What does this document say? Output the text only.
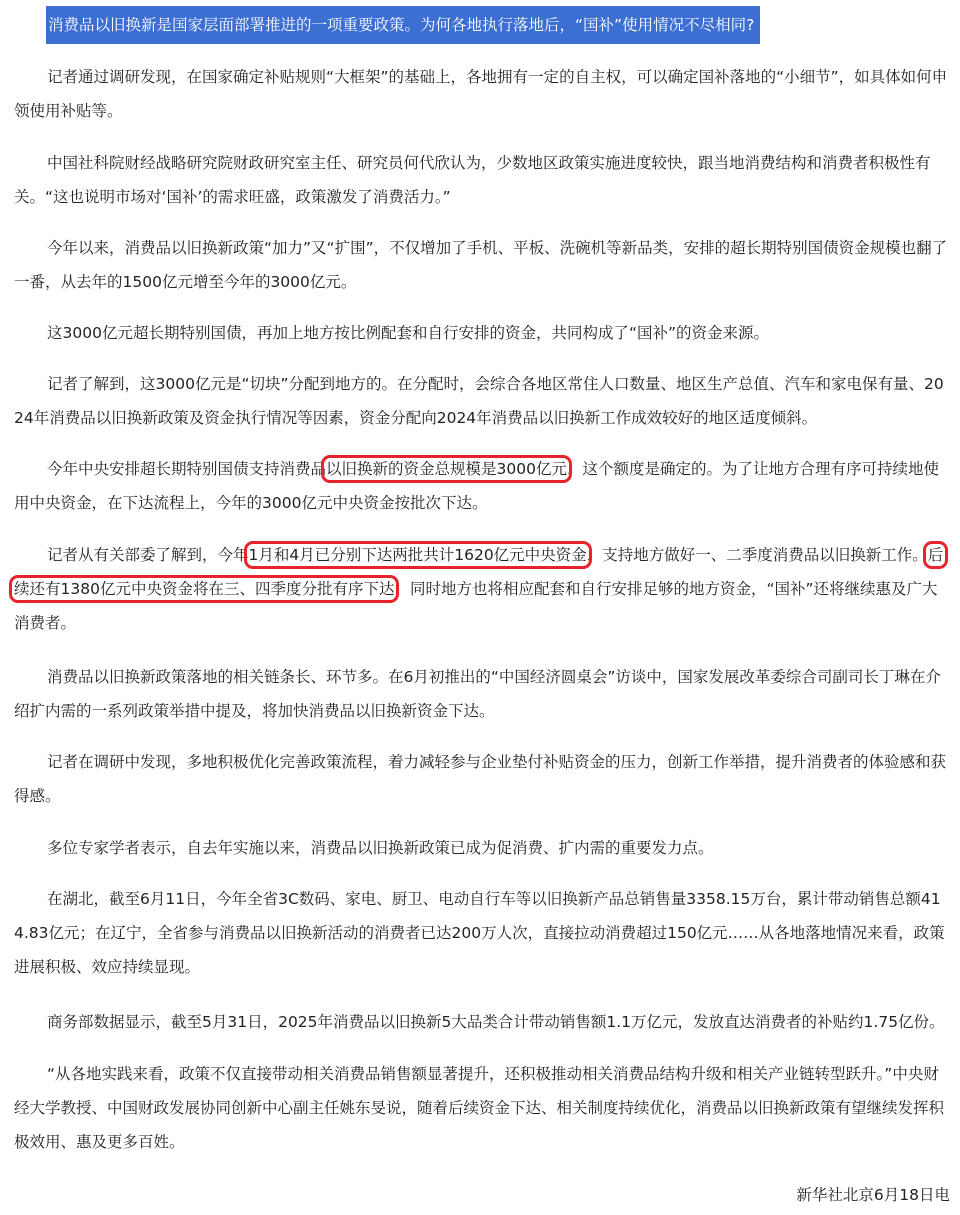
消费品以旧换新是国家层面部署推进的一项重要政策。为何各地执行落地后，“国补”使用情况不尽相同?

记者通过调研发现，在国家确定补贴规则“大框架”的基础上，各地拥有一定的自主权，可以确定国补落地的“小细节”，如具体如何申领使用补贴等。

中国社科院财经战略研究院财政研究室主任、研究员何代欣认为，少数地区政策实施进度较快，跟当地消费结构和消费者积极性有关。“这也说明市场对‘国补’的需求旺盛，政策激发了消费活力。”

今年以来，消费品以旧换新政策“加力”又“扩围”，不仅增加了手机、平板、洗碗机等新品类，安排的超长期特别国债资金规模也翻了一番，从去年的1500亿元增至今年的3000亿元。

这3000亿元超长期特别国债，再加上地方按比例配套和自行安排的资金，共同构成了“国补”的资金来源。

记者了解到，这3000亿元是“切块”分配到地方的。在分配时，会综合各地区常住人口数量、地区生产总值、汽车和家电保有量、2024年消费品以旧换新政策及资金执行情况等因素，资金分配向2024年消费品以旧换新工作成效较好的地区适度倾斜。

今年中央安排超长期特别国债支持消费品以旧换新的资金总规模是3000亿元，这个额度是确定的。为了让地方合理有序可持续地使用中央资金，在下达流程上，今年的3000亿元中央资金按批次下达。

记者从有关部委了解到，今年1月和4月已分别下达两批共计1620亿元中央资金，支持地方做好一、二季度消费品以旧换新工作。后续还有1380亿元中央资金将在三、四季度分批有序下达，同时地方也将相应配套和自行安排足够的地方资金，“国补”还将继续惠及广大消费者。

消费品以旧换新政策落地的相关链条长、环节多。在6月初推出的“中国经济圆桌会”访谈中，国家发展改革委综合司副司长丁琳在介绍扩内需的一系列政策举措中提及，将加快消费品以旧换新资金下达。

记者在调研中发现，多地积极优化完善政策流程，着力减轻参与企业垫付补贴资金的压力，创新工作举措，提升消费者的体验感和获得感。

多位专家学者表示，自去年实施以来，消费品以旧换新政策已成为促消费、扩内需的重要发力点。

在湖北，截至6月11日，今年全省3C数码、家电、厨卫、电动自行车等以旧换新产品总销售量3358.15万台，累计带动销售总额414.83亿元；在辽宁，全省参与消费品以旧换新活动的消费者已达200万人次，直接拉动消费超过150亿元……从各地落地情况来看，政策进展积极、效应持续显现。

商务部数据显示，截至5月31日，2025年消费品以旧换新5大品类合计带动销售额1.1万亿元，发放直达消费者的补贴约1.75亿份。

“从各地实践来看，政策不仅直接带动相关消费品销售额显著提升，还积极推动相关消费品结构升级和相关产业链转型跃升。”中央财经大学教授、中国财政发展协同创新中心副主任姚东旻说，随着后续资金下达、相关制度持续优化，消费品以旧换新政策有望继续发挥积极效用、惠及更多百姓。

新华社北京6月18日电
